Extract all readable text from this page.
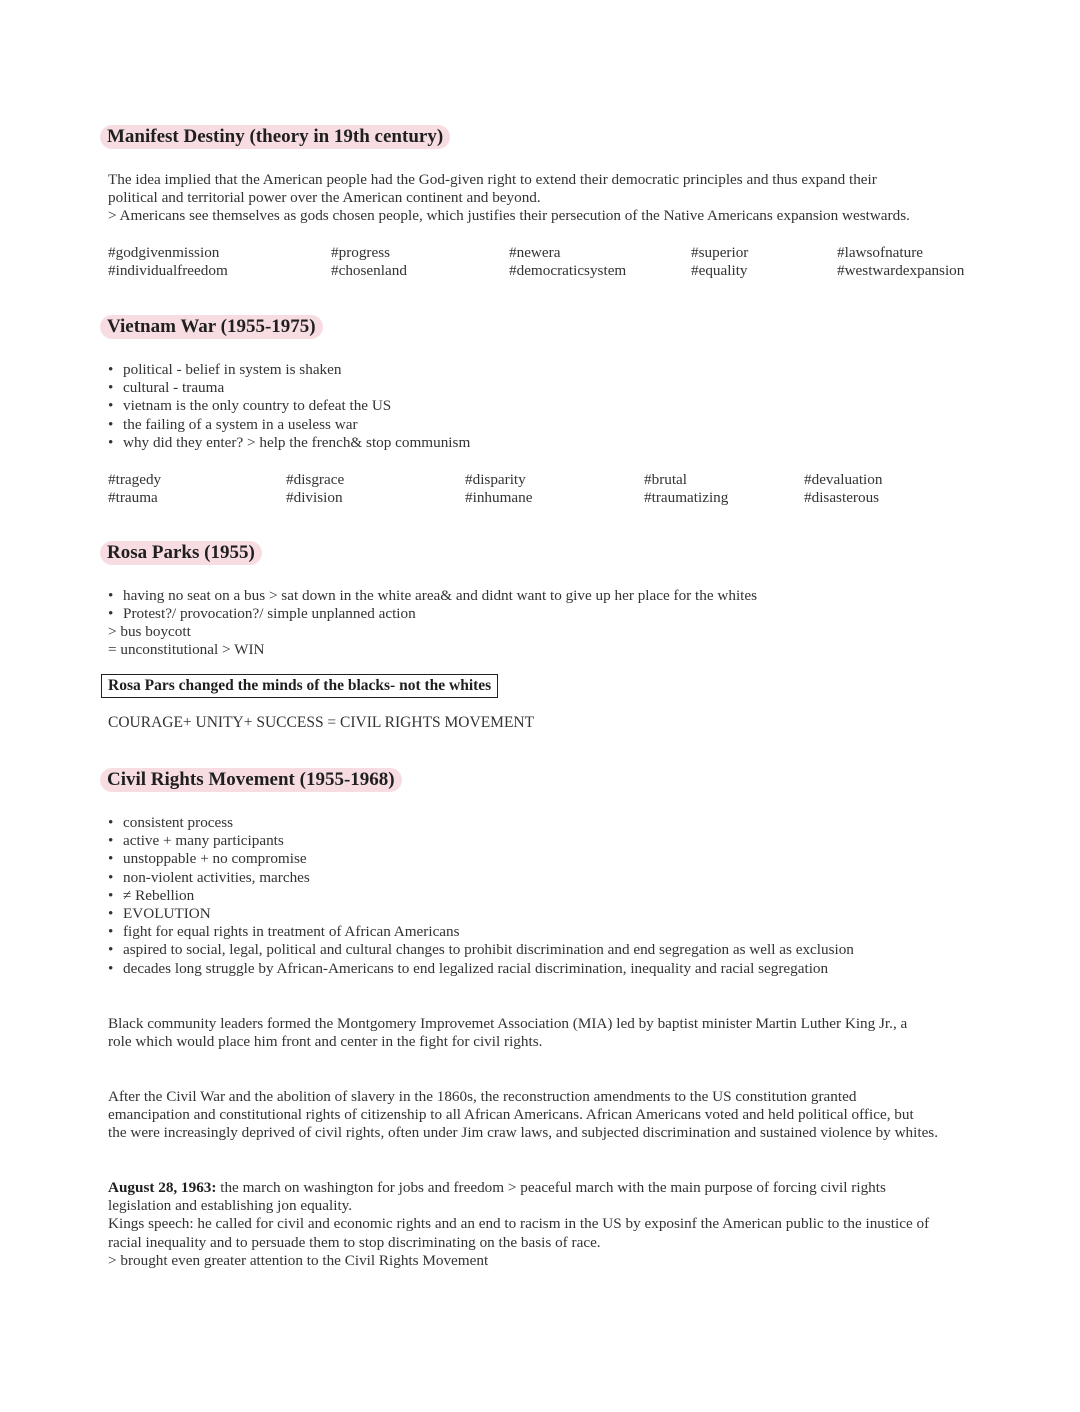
Manifest Destiny (theory in 19th century)
The idea implied that the American people had the God-given right to extend their democratic principles and thus expand their
political and territorial power over the American continent and beyond.
> Americans see themselves as gods chosen people, which justifies their persecution of the Native Americans expansion westwards.
#godgivenmission
#individualfreedom
#progress
#chosenland
#newera
#democraticsystem
#superior
#equality
#lawsofnature
#westwardexpansion
Vietnam War (1955-1975)
• political - belief in system is shaken
• cultural - trauma
• vietnam is the only country to defeat the US
• the failing of a system in a useless war
• why did they enter? > help the french& stop communism
#tragedy
#trauma
#disgrace
#division
#disparity
#inhumane
#brutal
#traumatizing
#devaluation
#disasterous
Rosa Parks (1955)
• having no seat on a bus > sat down in the white area& and didnt want to give up her place for the whites
• Protest?/ provocation?/ simple unplanned action
> bus boycott
= unconstitutional > WIN
Rosa Pars changed the minds of the blacks- not the whites
COURAGE+ UNITY+ SUCCESS = CIVIL RIGHTS MOVEMENT
Civil Rights Movement (1955-1968)
• consistent process
• active + many participants
• unstoppable + no compromise
• non-violent activities, marches
• ≠ Rebellion
• EVOLUTION
• fight for equal rights in treatment of African Americans
• aspired to social, legal, political and cultural changes to prohibit discrimination and end segregation as well as exclusion
• decades long struggle by African-Americans to end legalized racial discrimination, inequality and racial segregation
Black community leaders formed the Montgomery Improvemet Association (MIA) led by baptist minister Martin Luther King Jr., a
role which would place him front and center in the fight for civil rights.
After the Civil War and the abolition of slavery in the 1860s, the reconstruction amendments to the US constitution granted
emancipation and constitutional rights of citizenship to all African Americans. African Americans voted and held political office, but
the were increasingly deprived of civil rights, often under Jim craw laws, and subjected discrimination and sustained violence by whites.
August 28, 1963: the march on washington for jobs and freedom > peaceful march with the main purpose of forcing civil rights
legislation and establishing jon equality.
Kings speech: he called for civil and economic rights and an end to racism in the US by exposinf the American public to the inustice of
racial inequality and to persuade them to stop discriminating on the basis of race.
> brought even greater attention to the Civil Rights Movement
